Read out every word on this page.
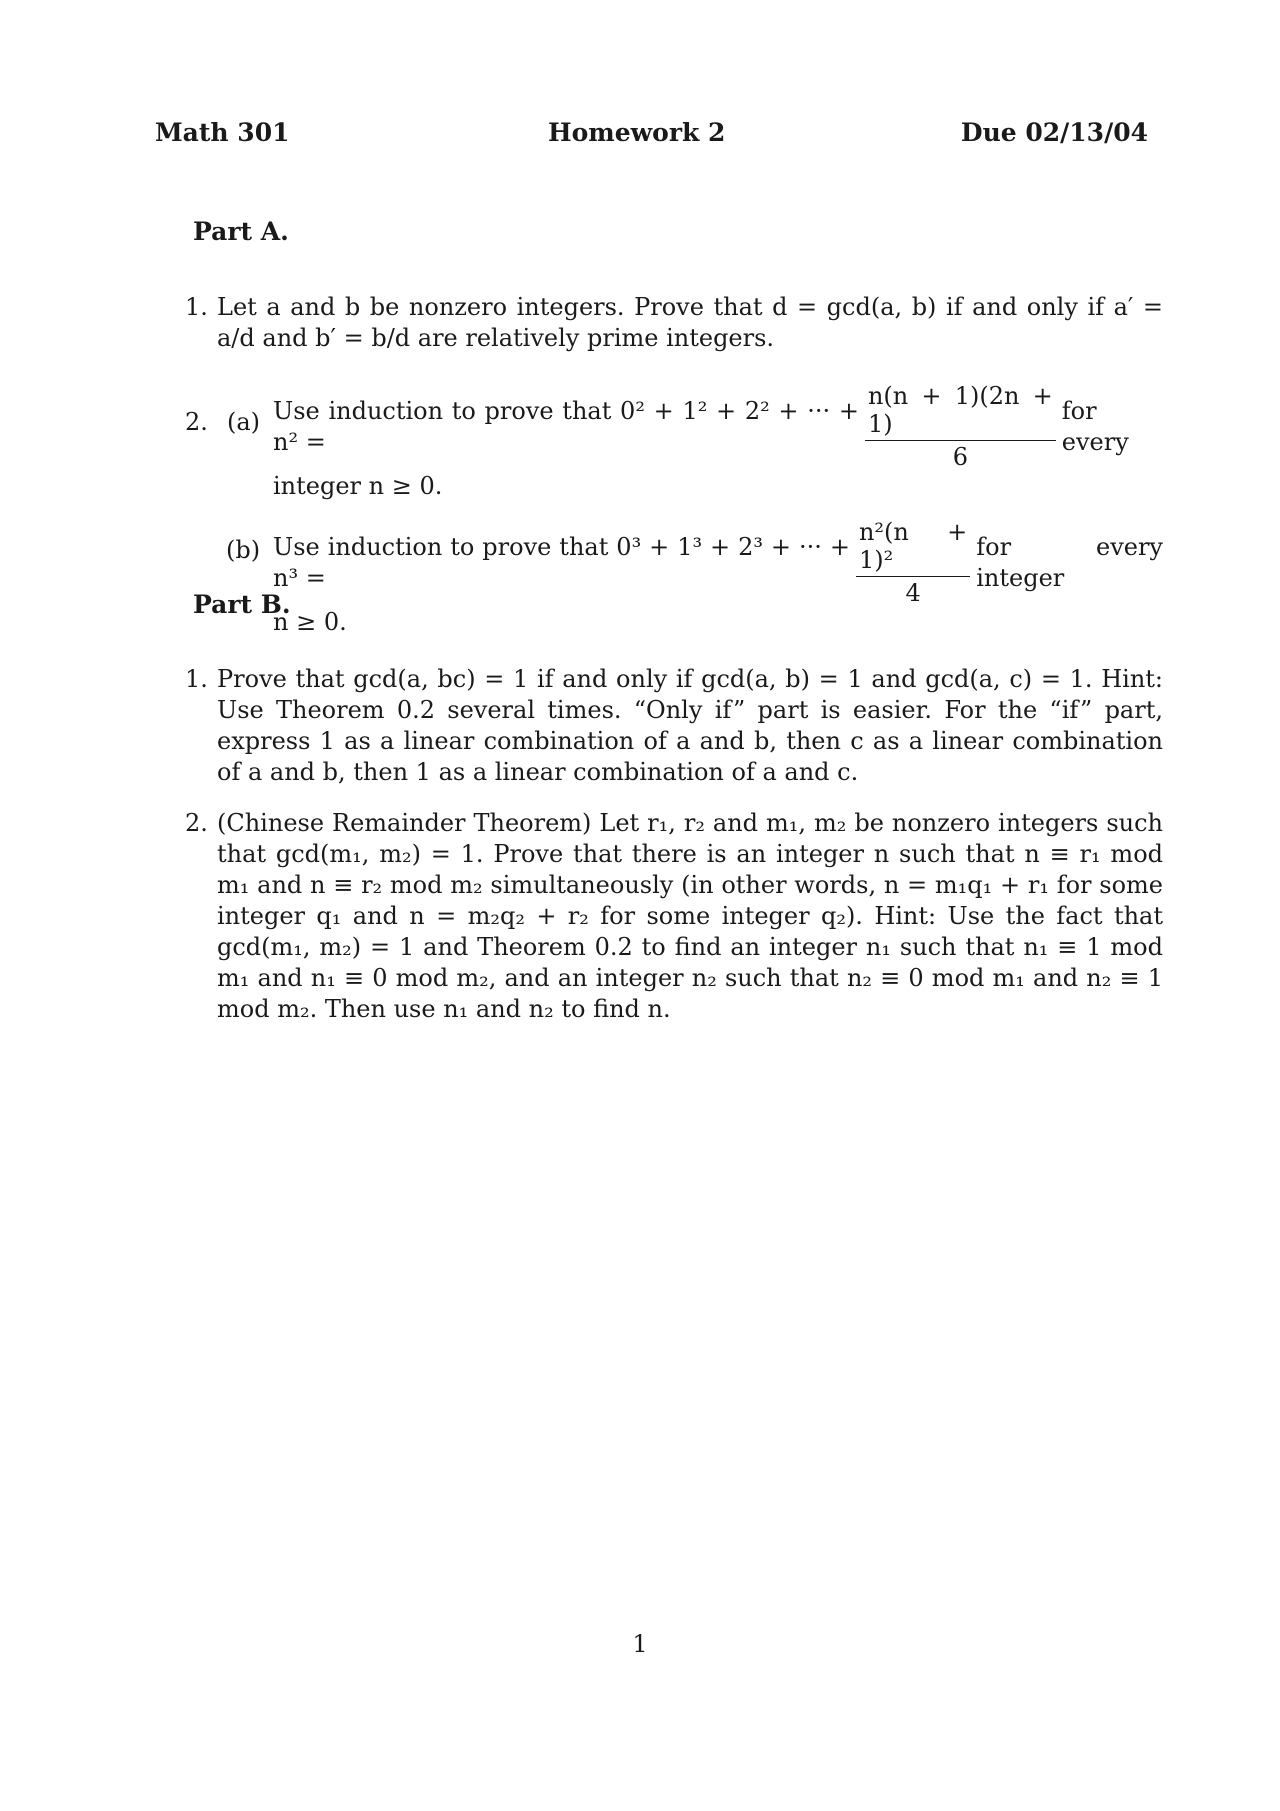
Math 301	Homework 2	Due 02/13/04
Part A.
1. Let a and b be nonzero integers. Prove that d = gcd(a, b) if and only if a′ = a/d and b′ = b/d are relatively prime integers.
2. (a) Use induction to prove that 0² + 1² + 2² + ··· + n² =	$\frac{n(n + 1)(2n + 1)}{6}$ for every
integer n ≥ 0.
(b) Use induction to prove that 0³ + 1³ + 2³ + ··· + n³ =	$\frac{\text{n²(n + 1)²}}{4}$ for every integer
n ≥ 0.
Part B.
1. Prove that gcd(a, bc) = 1 if and only if gcd(a, b) = 1 and gcd(a, c) = 1. Hint: Use Theorem 0.2 several times. “Only if” part is easier. For the “if” part, express 1 as a linear combination of a and b, then c as a linear combination of a and b, then 1 as a linear combination of a and c.
2. (Chinese Remainder Theorem) Let r₁, r₂ and m₁, m₂ be nonzero integers such that gcd(m₁, m₂) = 1. Prove that there is an integer n such that n ≡ r₁ mod m₁ and n ≡ r₂ mod m₂ simultaneously (in other words, n = m₁q₁ + r₁ for some integer q₁ and n = m₂q₂ + r₂ for some integer q₂). Hint: Use the fact that gcd(m₁, m₂) = 1 and Theorem 0.2 to find an integer n₁ such that n₁ ≡ 1 mod m₁ and n₁ ≡ 0 mod m₂, and an integer n₂ such that n₂ ≡ 0 mod m₁ and n₂ ≡ 1 mod m₂. Then use n₁ and n₂ to find n.
1
